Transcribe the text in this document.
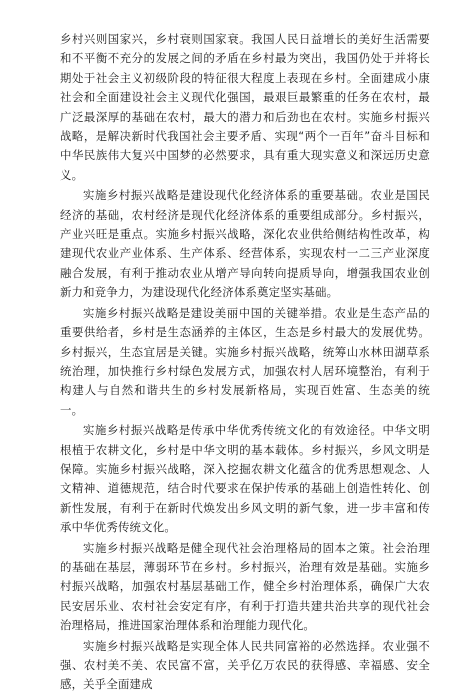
乡村兴则国家兴，乡村衰则国家衰。我国人民日益增长的美好生活需要和不平衡不充分的发展之间的矛盾在乡村最为突出，我国仍处于并将长期处于社会主义初级阶段的特征很大程度上表现在乡村。全面建成小康社会和全面建设社会主义现代化强国，最艰巨最繁重的任务在农村，最广泛最深厚的基础在农村，最大的潜力和后劲也在农村。实施乡村振兴战略，是解决新时代我国社会主要矛盾、实现“两个一百年”奋斗目标和中华民族伟大复兴中国梦的必然要求，具有重大现实意义和深远历史意义。

实施乡村振兴战略是建设现代化经济体系的重要基础。农业是国民经济的基础，农村经济是现代化经济体系的重要组成部分。乡村振兴，产业兴旺是重点。实施乡村振兴战略，深化农业供给侧结构性改革，构建现代农业产业体系、生产体系、经营体系，实现农村一二三产业深度融合发展，有利于推动农业从增产导向转向提质导向，增强我国农业创新力和竞争力，为建设现代化经济体系奠定坚实基础。

实施乡村振兴战略是建设美丽中国的关键举措。农业是生态产品的重要供给者，乡村是生态涵养的主体区，生态是乡村最大的发展优势。乡村振兴，生态宜居是关键。实施乡村振兴战略，统筹山水林田湖草系统治理，加快推行乡村绿色发展方式，加强农村人居环境整治，有利于构建人与自然和谐共生的乡村发展新格局，实现百姓富、生态美的统一。

实施乡村振兴战略是传承中华优秀传统文化的有效途径。中华文明根植于农耕文化，乡村是中华文明的基本载体。乡村振兴，乡风文明是保障。实施乡村振兴战略，深入挖掘农耕文化蕴含的优秀思想观念、人文精神、道德规范，结合时代要求在保护传承的基础上创造性转化、创新性发展，有利于在新时代焕发出乡风文明的新气象，进一步丰富和传承中华优秀传统文化。

实施乡村振兴战略是健全现代社会治理格局的固本之策。社会治理的基础在基层，薄弱环节在乡村。乡村振兴，治理有效是基础。实施乡村振兴战略，加强农村基层基础工作，健全乡村治理体系，确保广大农民安居乐业、农村社会安定有序，有利于打造共建共治共享的现代社会治理格局，推进国家治理体系和治理能力现代化。

实施乡村振兴战略是实现全体人民共同富裕的必然选择。农业强不强、农村美不美、农民富不富，关乎亿万农民的获得感、幸福感、安全感，关乎全面建成
